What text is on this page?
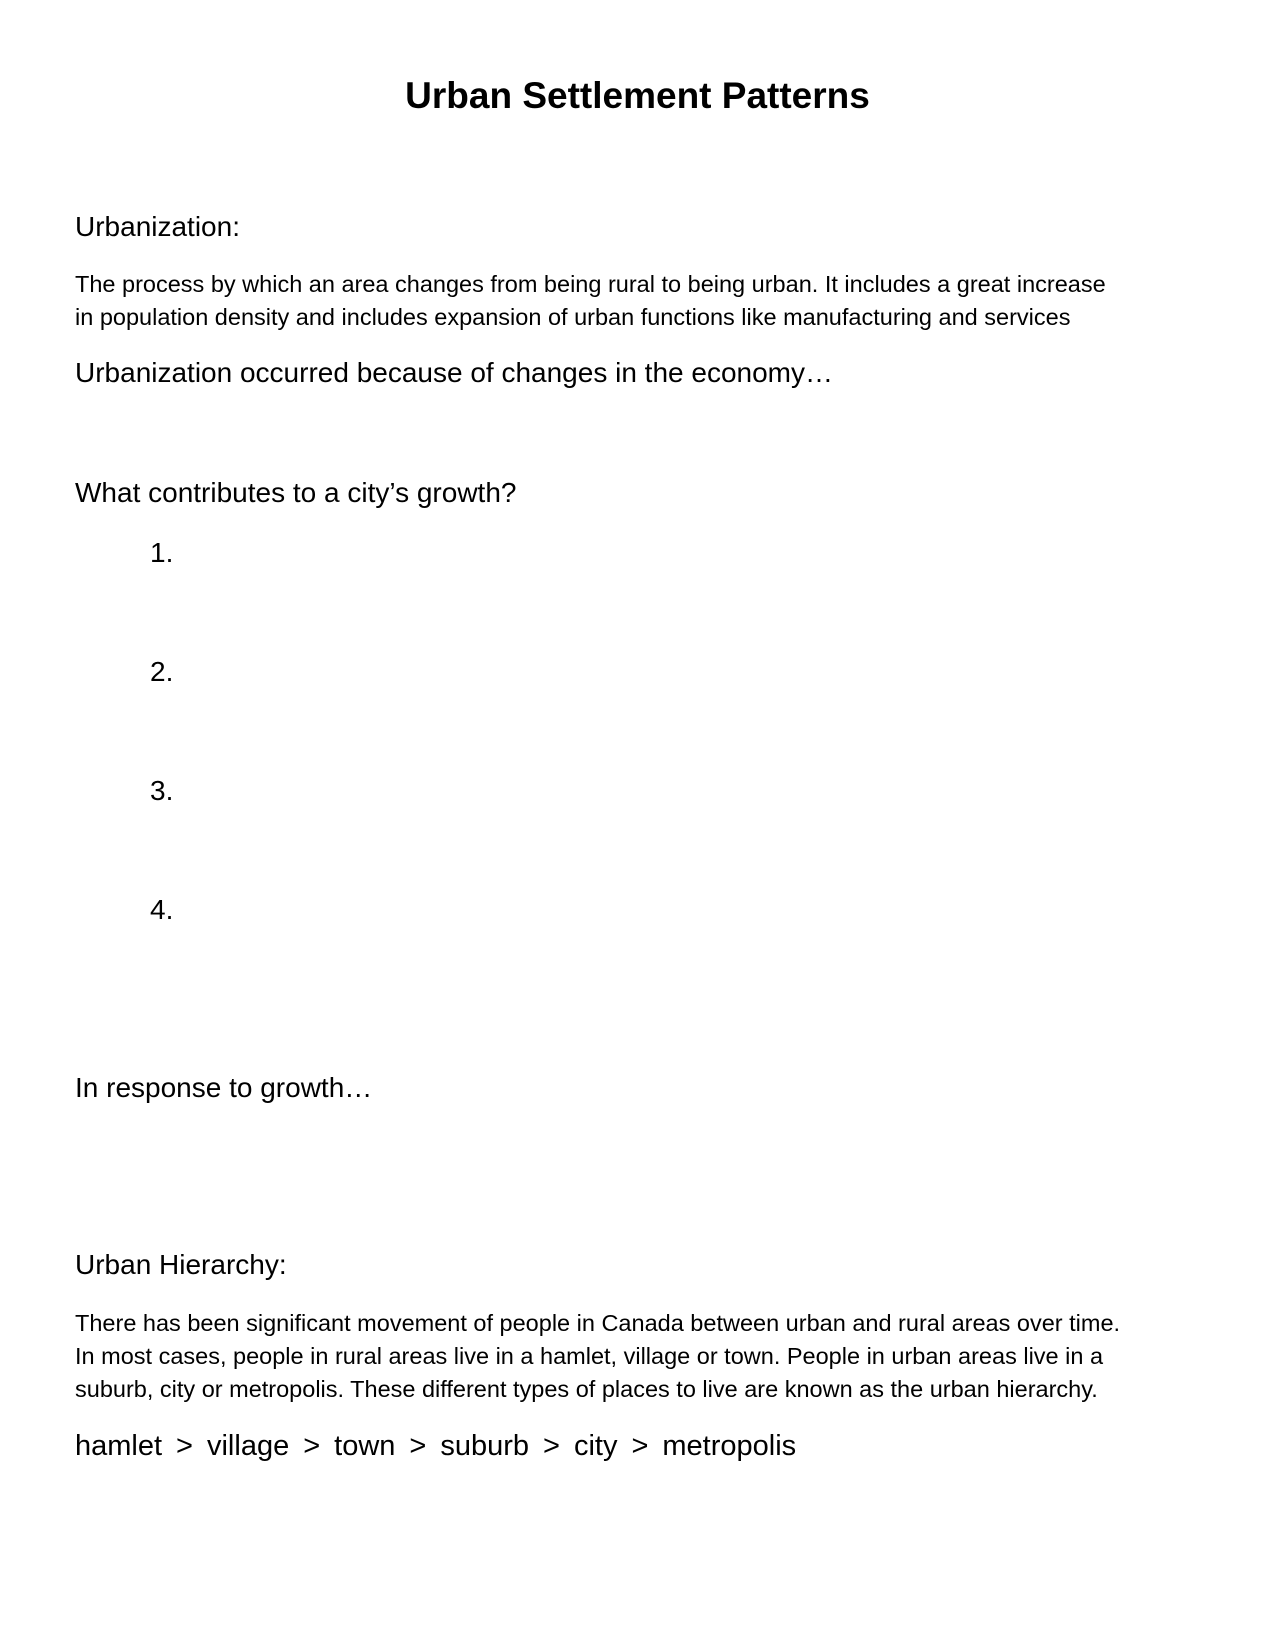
Urban Settlement Patterns
Urbanization:

The process by which an area changes from being rural to being urban. It includes a great increase
in population density and includes expansion of urban functions like manufacturing and services

Urbanization occurred because of changes in the economy…
What contributes to a city’s growth?
1.
2.
3.
4.
In response to growth…
Urban Hierarchy:

There has been significant movement of people in Canada between urban and rural areas over time.
In most cases, people in rural areas live in a hamlet, village or town. People in urban areas live in a
suburb, city or metropolis. These different types of places to live are known as the urban hierarchy.

hamlet > village > town > suburb > city > metropolis
